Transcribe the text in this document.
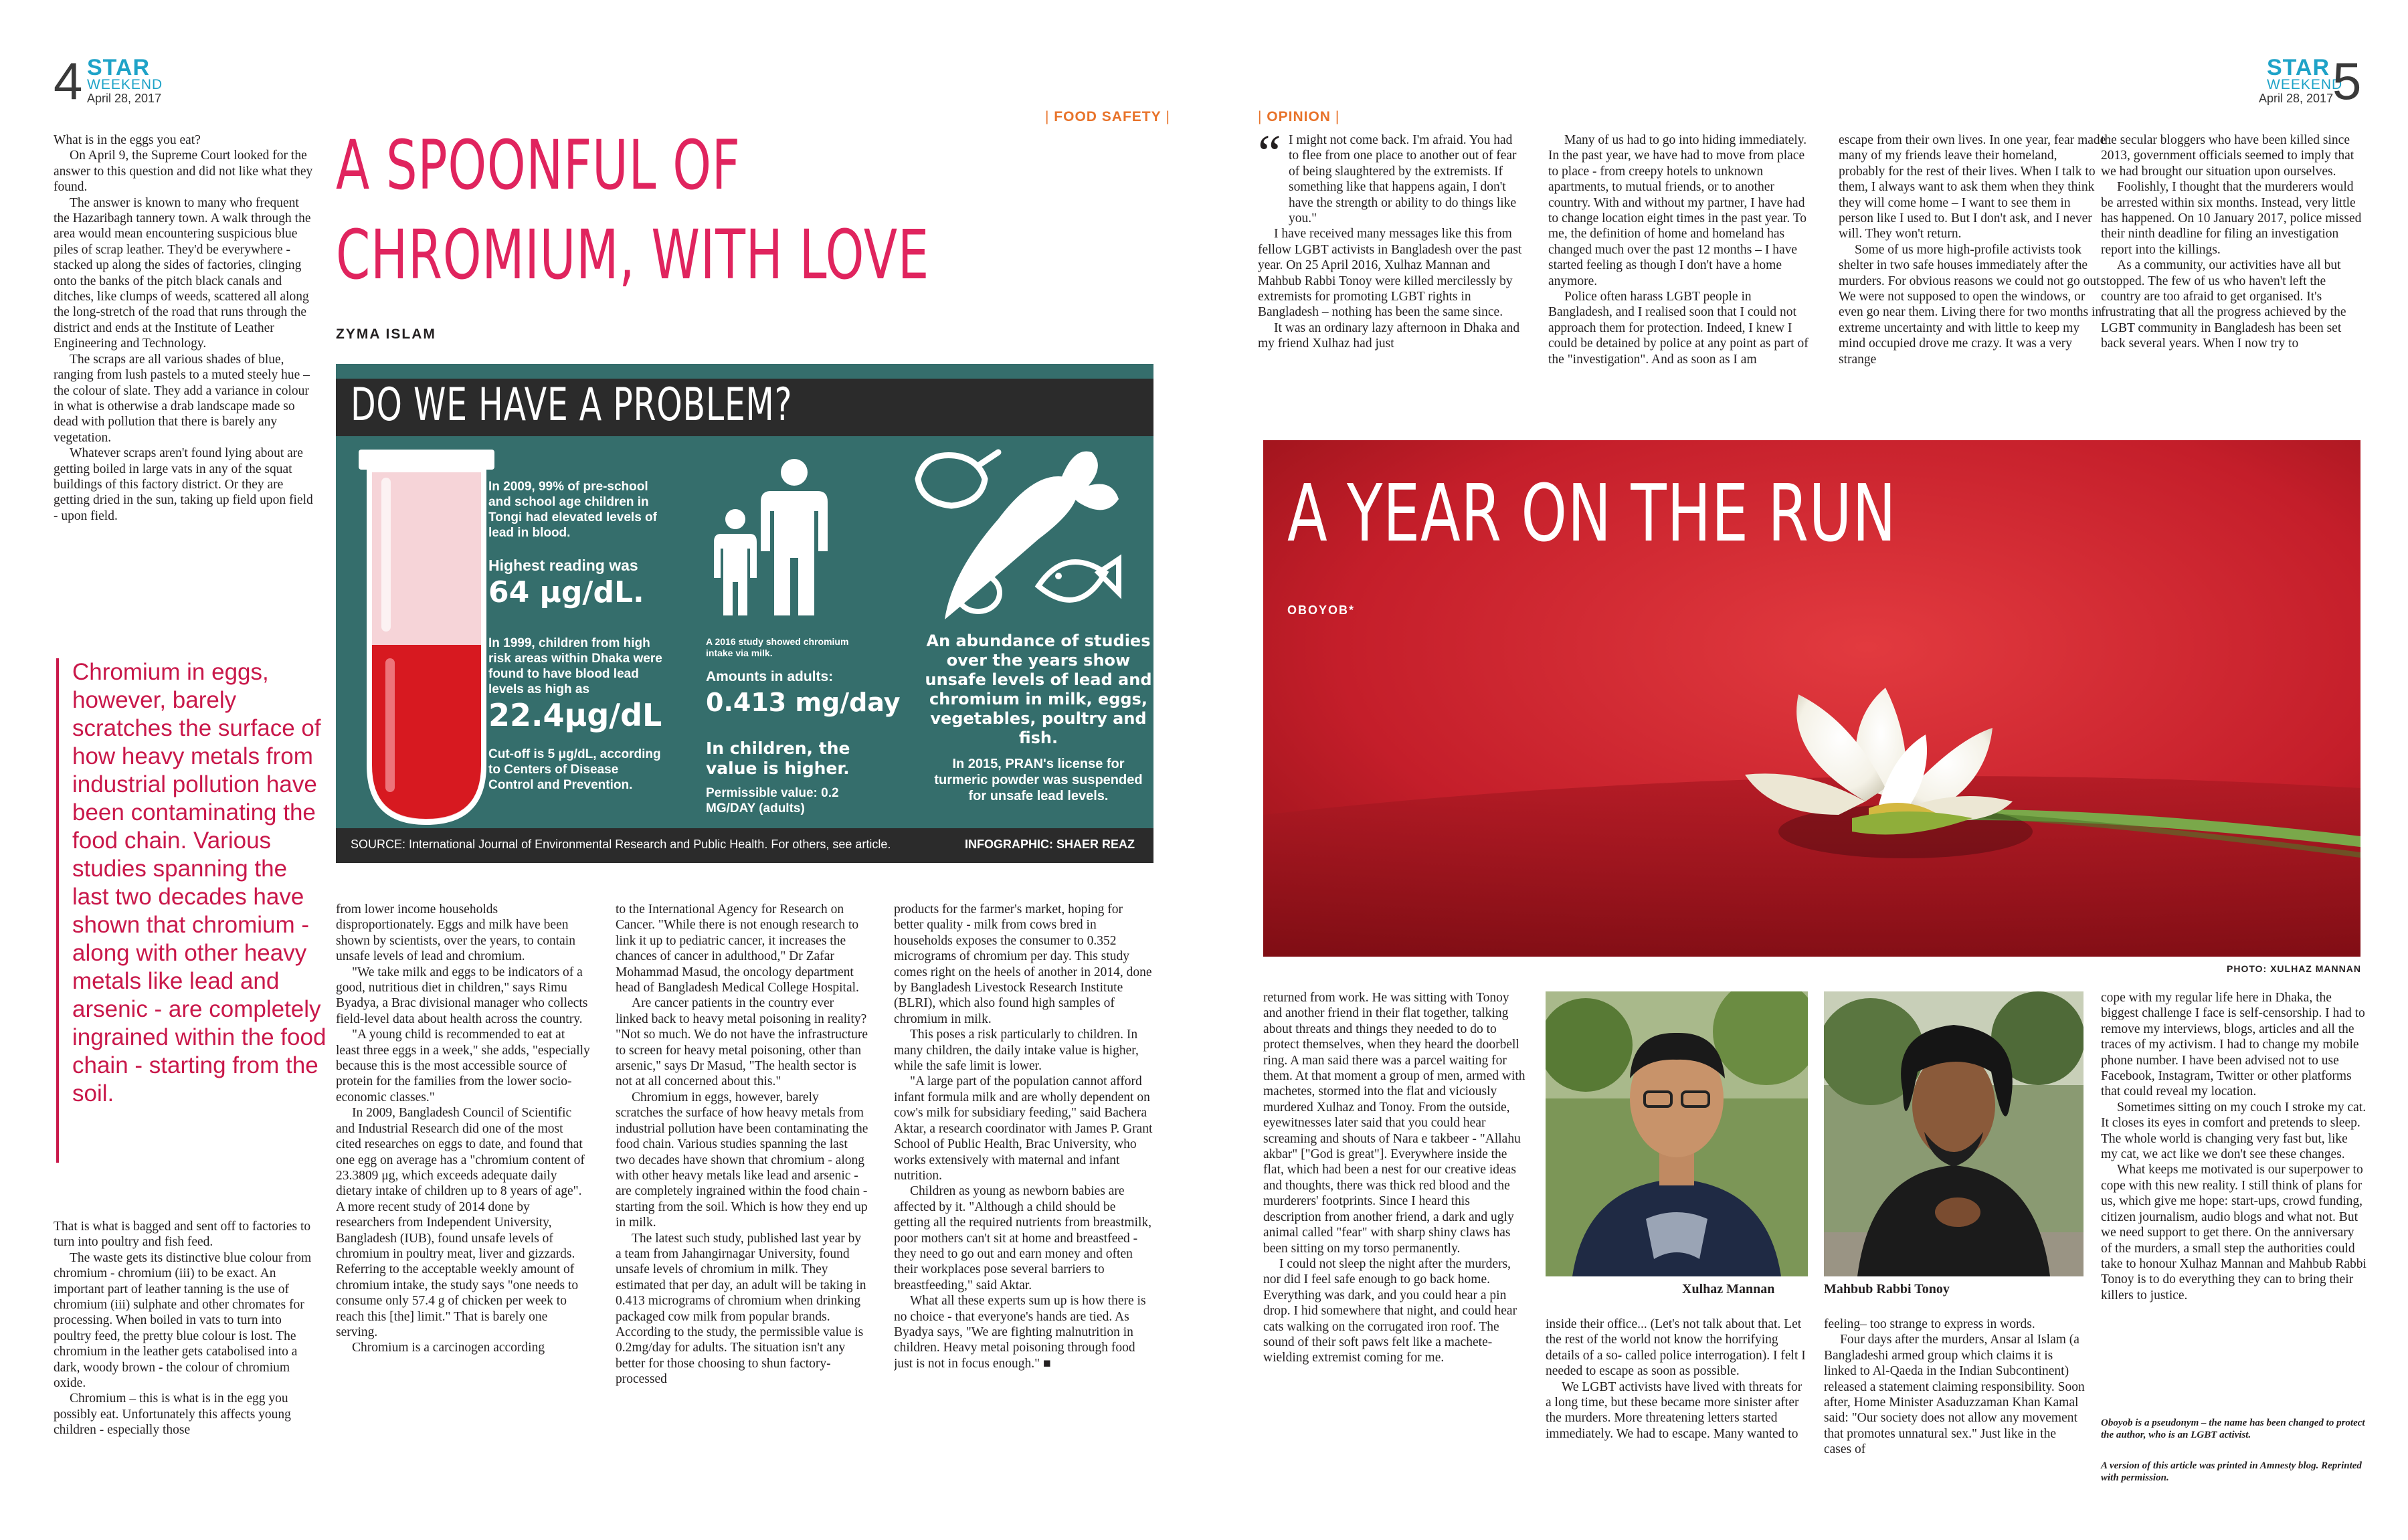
4 STAR
WEEKEND
April 28, 2017
| FOOD SAFETY |
A SPOONFUL OF
CHROMIUM, WITH LOVE
ZYMA ISLAM

What is in the eggs you eat?

On April 9, the Supreme Court looked for the answer to this question and did not like what they found.

The answer is known to many who frequent the Hazaribagh tannery town. A walk through the area would mean encountering suspicious blue piles of scrap leather. They'd be everywhere - stacked up along the sides of factories, clinging onto the banks of the pitch black canals and ditches, like clumps of weeds, scattered all along the long-stretch of the road that runs through the district and ends at the Institute of Leather Engineering and Technology.

The scraps are all various shades of blue, ranging from lush pastels to a muted steely hue – the colour of slate. They add a variance in colour in what is otherwise a drab landscape made so dead with pollution that there is barely any vegetation.

Whatever scraps aren't found lying about are getting boiled in large vats in any of the squat buildings of this factory district. Or they are getting dried in the sun, taking up field upon field - upon field.

Chromium in eggs, however, barely scratches the surface of how heavy metals from industrial pollution have been contaminating the food chain. Various studies spanning the last two decades have shown that chromium - along with other heavy metals like lead and arsenic - are completely ingrained within the food chain - starting from the soil.

That is what is bagged and sent off to factories to turn into poultry and fish feed.

The waste gets its distinctive blue colour from chromium - chromium (iii) to be exact. An important part of leather tanning is the use of chromium (iii) sulphate and other chromates for processing. When boiled in vats to turn into poultry feed, the pretty blue colour is lost. The chromium in the leather gets catabolised into a dark, woody brown - the colour of chromium oxide.

Chromium – this is what is in the egg you possibly eat. Unfortunately this affects young children - especially those

DO WE HAVE A PROBLEM?
In 2009, 99% of pre-school and school age children in Tongi had elevated levels of lead in blood.
Highest reading was
64 μg/dL.
In 1999, children from high risk areas within Dhaka were found to have blood lead levels as high as
22.4μg/dL
Cut-off is 5 μg/dL, according to Centers of Disease Control and Prevention.
A 2016 study showed chromium intake via milk.
Amounts in adults:
0.413 mg/day
In children, the value is higher.
Permissible value: 0.2 MG/DAY (adults)
An abundance of studies over the years show unsafe levels of lead and chromium in milk, eggs, vegetables, poultry and fish.
In 2015, PRAN's license for turmeric powder was suspended for unsafe lead levels.
SOURCE: International Journal of Environmental Research and Public Health. For others, see article.	INFOGRAPHIC: SHAER REAZ

from lower income households disproportionately. Eggs and milk have been shown by scientists, over the years, to contain unsafe levels of lead and chromium.

"We take milk and eggs to be indicators of a good, nutritious diet in children," says Rimu Byadya, a Brac divisional manager who collects field-level data about health across the country.

"A young child is recommended to eat at least three eggs in a week," she adds, "especially because this is the most accessible source of protein for the families from the lower socio-economic classes."

In 2009, Bangladesh Council of Scientific and Industrial Research did one of the most cited researches on eggs to date, and found that one egg on average has a "chromium content of 23.3809 μg, which exceeds adequate daily dietary intake of children up to 8 years of age". A more recent study of 2014 done by researchers from Independent University, Bangladesh (IUB), found unsafe levels of chromium in poultry meat, liver and gizzards. Referring to the acceptable weekly amount of chromium intake, the study says "one needs to consume only 57.4 g of chicken per week to reach this [the] limit." That is barely one serving.

Chromium is a carcinogen according

to the International Agency for Research on Cancer. "While there is not enough research to link it up to pediatric cancer, it increases the chances of cancer in adulthood," Dr Zafar Mohammad Masud, the oncology department head of Bangladesh Medical College Hospital.

Are cancer patients in the country ever linked back to heavy metal poisoning in reality? "Not so much. We do not have the infrastructure to screen for heavy metal poisoning, other than arsenic," says Dr Masud, "The health sector is not at all concerned about this."

Chromium in eggs, however, barely scratches the surface of how heavy metals from industrial pollution have been contaminating the food chain. Various studies spanning the last two decades have shown that chromium - along with other heavy metals like lead and arsenic - are completely ingrained within the food chain - starting from the soil. Which is how they end up in milk.

The latest such study, published last year by a team from Jahangirnagar University, found unsafe levels of chromium in milk. They estimated that per day, an adult will be taking in 0.413 micrograms of chromium when drinking packaged cow milk from popular brands. According to the study, the permissible value is 0.2mg/day for adults. The situation isn't any better for those choosing to shun factory-processed

products for the farmer's market, hoping for better quality - milk from cows bred in households exposes the consumer to 0.352 micrograms of chromium per day. This study comes right on the heels of another in 2014, done by Bangladesh Livestock Research Institute (BLRI), which also found high samples of chromium in milk.

This poses a risk particularly to children. In many children, the daily intake value is higher, while the safe limit is lower.

"A large part of the population cannot afford infant formula milk and are wholly dependent on cow's milk for subsidiary feeding," said Bachera Aktar, a research coordinator with James P. Grant School of Public Health, Brac University, who works extensively with maternal and infant nutrition.

Children as young as newborn babies are affected by it. "Although a child should be getting all the required nutrients from breastmilk, poor mothers can't sit at home and breastfeed - they need to go out and earn money and often their workplaces pose several barriers to breastfeeding," said Aktar.

What all these experts sum up is how there is no choice - that everyone's hands are tied. As Byadya says, "We are fighting malnutrition in children. Heavy metal poisoning through food just is not in focus enough." ■

STAR
WEEKEND
April 28, 2017
5
| OPINION |
“ I might not come back. I'm afraid. You had to flee from one place to another out of fear of being slaughtered by the extremists. If something like that happens again, I don't have the strength or ability to do things like you."

I have received many messages like this from fellow LGBT activists in Bangladesh over the past year. On 25 April 2016, Xulhaz Mannan and Mahbub Rabbi Tonoy were killed mercilessly by extremists for promoting LGBT rights in Bangladesh – nothing has been the same since.

It was an ordinary lazy afternoon in Dhaka and my friend Xulhaz had just

Many of us had to go into hiding immediately. In the past year, we have had to move from place to place - from creepy hotels to unknown apartments, to mutual friends, or to another country. With and without my partner, I have had to change location eight times in the past year. To me, the definition of home and homeland has changed much over the past 12 months – I have started feeling as though I don't have a home anymore.

Police often harass LGBT people in Bangladesh, and I realised soon that I could not approach them for protection. Indeed, I knew I could be detained by police at any point as part of the "investigation". And as soon as I am

escape from their own lives. In one year, fear made many of my friends leave their homeland, probably for the rest of their lives. When I talk to them, I always want to ask them when they think they will come home – I want to see them in person like I used to. But I don't ask, and I never will. They won't return.

Some of us more high-profile activists took shelter in two safe houses immediately after the murders. For obvious reasons we could not go out. We were not supposed to open the windows, or even go near them. Living there for two months in extreme uncertainty and with little to keep my mind occupied drove me crazy. It was a very strange

the secular bloggers who have been killed since 2013, government officials seemed to imply that we had brought our situation upon ourselves.

Foolishly, I thought that the murderers would be arrested within six months. Instead, very little has happened. On 10 January 2017, police missed their ninth deadline for filing an investigation report into the killings.

As a community, our activities have all but stopped. The few of us who haven't left the country are too afraid to get organised. It's frustrating that all the progress achieved by the LGBT community in Bangladesh has been set back several years. When I now try to

A YEAR ON THE RUN
OBOYOB*
PHOTO: XULHAZ MANNAN

returned from work. He was sitting with Tonoy and another friend in their flat together, talking about threats and things they needed to do to protect themselves, when they heard the doorbell ring. A man said there was a parcel waiting for them. At that moment a group of men, armed with machetes, stormed into the flat and viciously murdered Xulhaz and Tonoy. From the outside, eyewitnesses later said that you could hear screaming and shouts of Nara e takbeer - "Allahu akbar" ["God is great"]. Everywhere inside the flat, which had been a nest for our creative ideas and thoughts, there was thick red blood and the murderers' footprints. Since I heard this description from another friend, a dark and ugly animal called "fear" with sharp shiny claws has been sitting on my torso permanently.

I could not sleep the night after the murders, nor did I feel safe enough to go back home. Everything was dark, and you could hear a pin drop. I hid somewhere that night, and could hear cats walking on the corrugated iron roof. The sound of their soft paws felt like a machete-wielding extremist coming for me.

Xulhaz Mannan	Mahbub Rabbi Tonoy

inside their office... (Let's not talk about that. Let the rest of the world not know the horrifying details of a so- called police interrogation). I felt I needed to escape as soon as possible.

We LGBT activists have lived with threats for a long time, but these became more sinister after the murders. More threatening letters started immediately. We had to escape. Many wanted to

feeling– too strange to express in words.

Four days after the murders, Ansar al Islam (a Bangladeshi armed group which claims it is linked to Al-Qaeda in the Indian Subcontinent) released a statement claiming responsibility. Soon after, Home Minister Asaduzzaman Khan Kamal said: "Our society does not allow any movement that promotes unnatural sex." Just like in the cases of

cope with my regular life here in Dhaka, the biggest challenge I face is self-censorship. I had to remove my interviews, blogs, articles and all the traces of my activism. I had to change my mobile phone number. I have been advised not to use Facebook, Instagram, Twitter or other platforms that could reveal my location.

Sometimes sitting on my couch I stroke my cat. It closes its eyes in comfort and pretends to sleep. The whole world is changing very fast but, like my cat, we act like we don't see these changes.

What keeps me motivated is our superpower to cope with this new reality. I still think of plans for us, which give me hope: start-ups, crowd funding, citizen journalism, audio blogs and what not. But we need support to get there. On the anniversary of the murders, a small step the authorities could take to honour Xulhaz Mannan and Mahbub Rabbi Tonoy is to do everything they can to bring their killers to justice.

Oboyob is a pseudonym – the name has been changed to protect the author, who is an LGBT activist.
A version of this article was printed in Amnesty blog. Reprinted with permission.
